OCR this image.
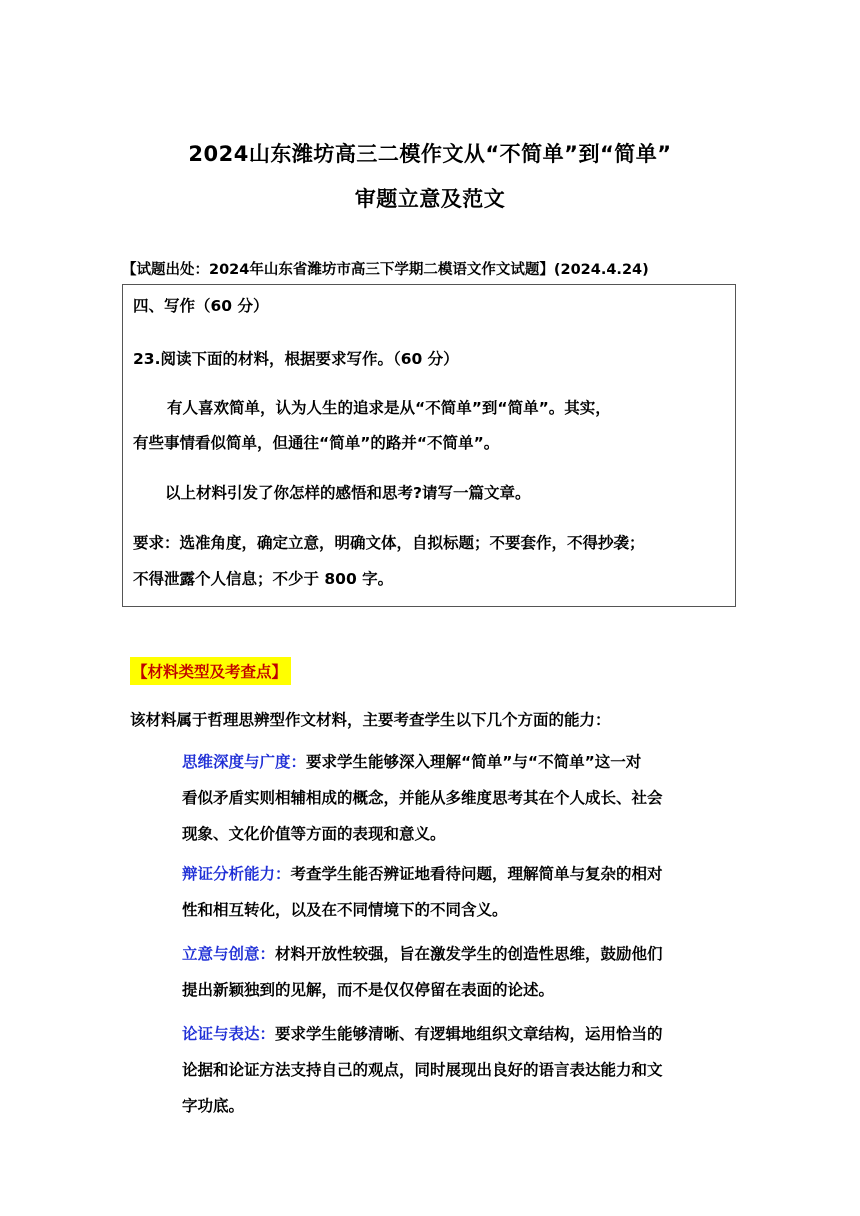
2024山东潍坊高三二模作文从“不简单”到“简单”
审题立意及范文
【试题出处：2024年山东省潍坊市高三下学期二模语文作文试题】(2024.4.24)
四、写作（60 分）
23.阅读下面的材料，根据要求写作。（60 分）
有人喜欢简单，认为人生的追求是从“不简单”到“简单”。其实，
有些事情看似简单，但通往“简单”的路并“不简单”。
以上材料引发了你怎样的感悟和思考?请写一篇文章。
要求：选准角度，确定立意，明确文体，自拟标题；不要套作，不得抄袭；
不得泄露个人信息；不少于 800 字。
【材料类型及考查点】
该材料属于哲理思辨型作文材料，主要考查学生以下几个方面的能力：
思维深度与广度：要求学生能够深入理解“简单”与“不简单”这一对
看似矛盾实则相辅相成的概念，并能从多维度思考其在个人成长、社会
现象、文化价值等方面的表现和意义。
辩证分析能力：考查学生能否辨证地看待问题，理解简单与复杂的相对
性和相互转化，以及在不同情境下的不同含义。
立意与创意：材料开放性较强，旨在激发学生的创造性思维，鼓励他们
提出新颖独到的见解，而不是仅仅停留在表面的论述。
论证与表达：要求学生能够清晰、有逻辑地组织文章结构，运用恰当的
论据和论证方法支持自己的观点，同时展现出良好的语言表达能力和文
字功底。
